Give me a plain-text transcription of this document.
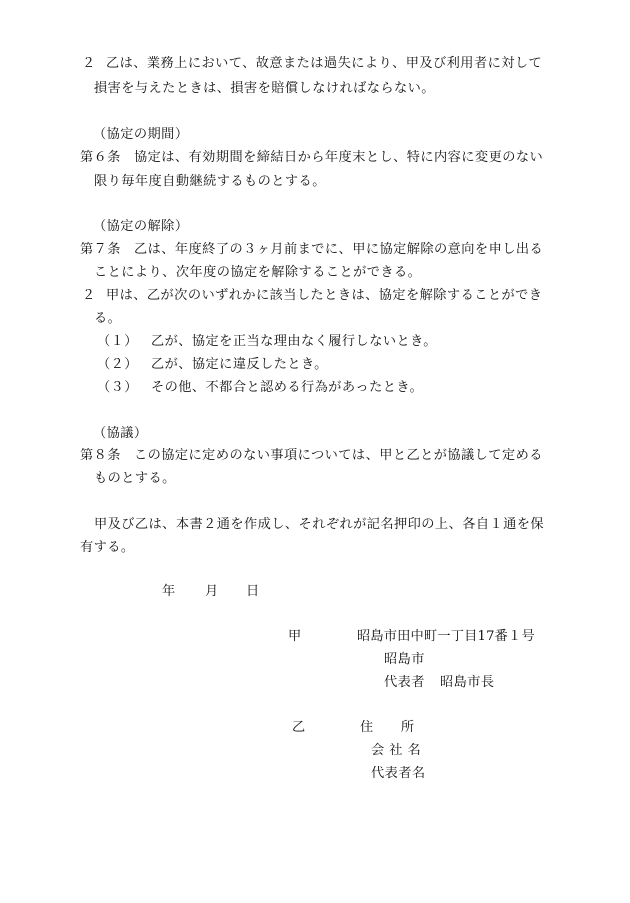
２ 乙は、業務上において、故意または過失により、甲及び利用者に対して
損害を与えたときは、損害を賠償しなければならない。
（協定の期間）
第６条 協定は、有効期間を締結日から年度末とし、特に内容に変更のない
限り毎年度自動継続するものとする。
（協定の解除）
第７条 乙は、年度終了の３ヶ月前までに、甲に協定解除の意向を申し出る
ことにより、次年度の協定を解除することができる。
２ 甲は、乙が次のいずれかに該当したときは、協定を解除することができ
る。
（１） 乙が、協定を正当な理由なく履行しないとき。
（２） 乙が、協定に違反したとき。
（３） その他、不都合と認める行為があったとき。
（協議）
第８条 この協定に定めのない事項については、甲と乙とが協議して定める
ものとする。
甲及び乙は、本書２通を作成し、それぞれが記名押印の上、各自１通を保
有する。
年 月 日
甲	昭島市田中町一丁目17番１号
昭島市
代表者 昭島市長
乙	住　　所
会 社 名
代表者名
